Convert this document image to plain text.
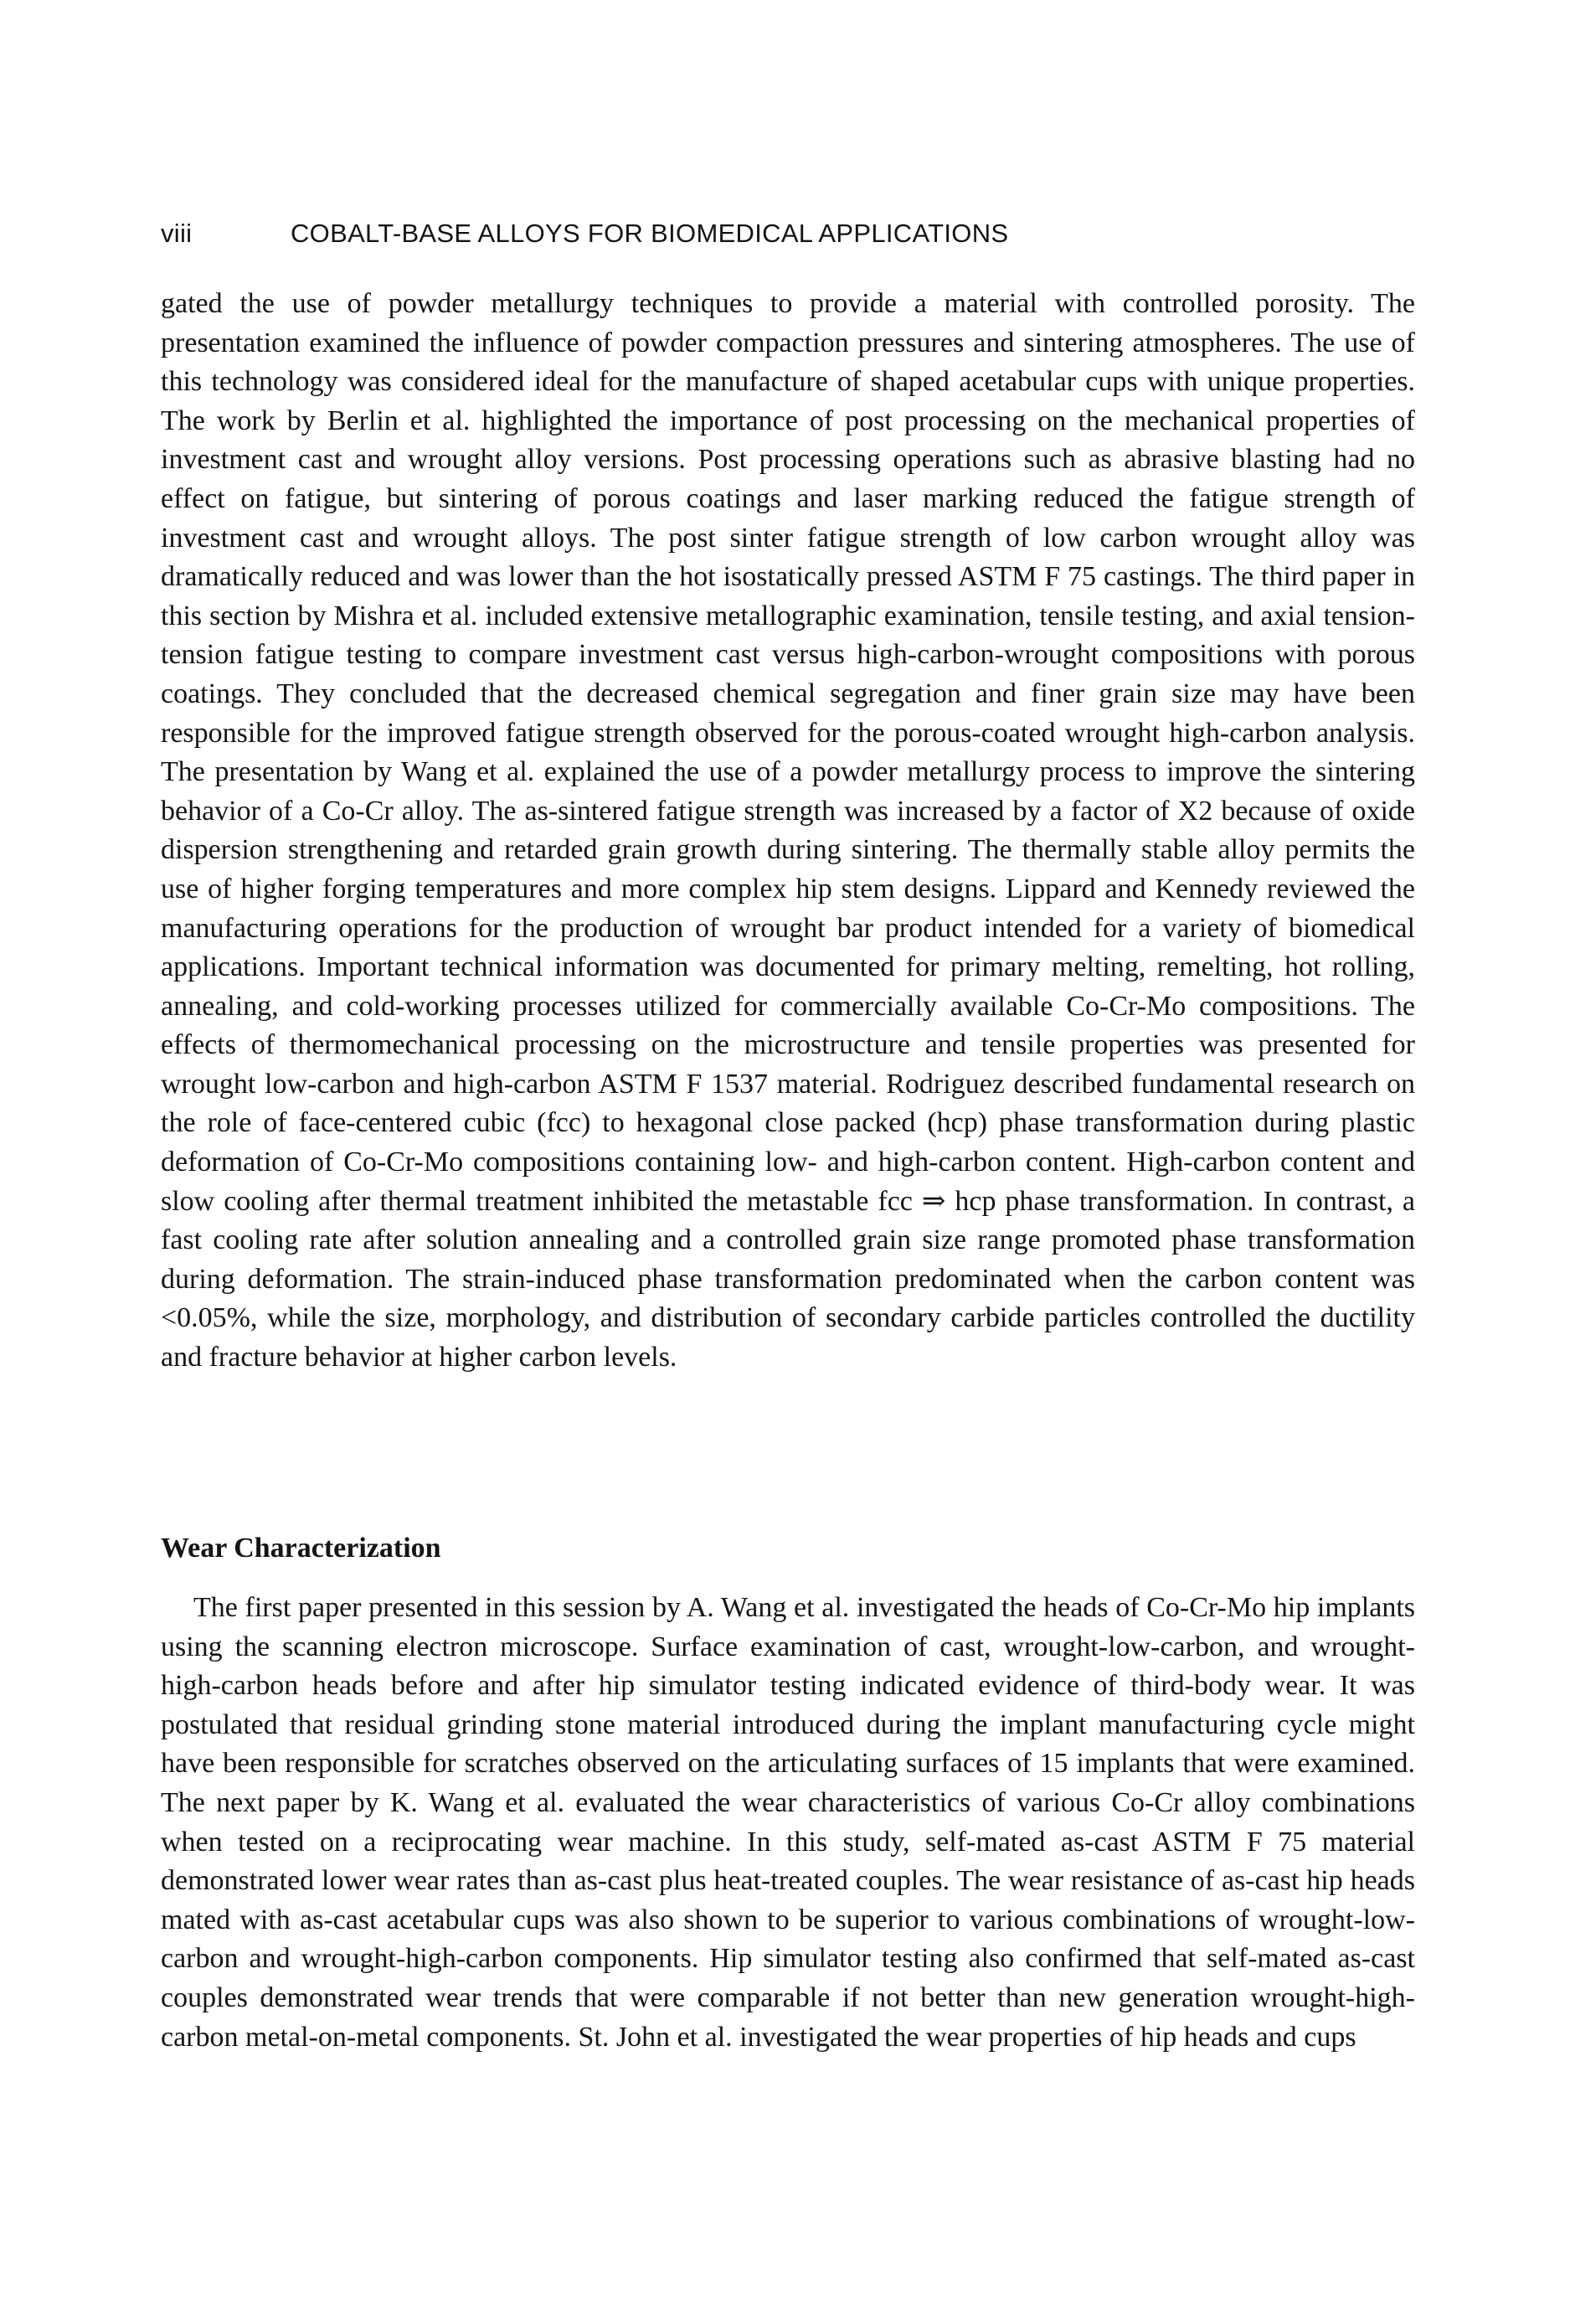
viii	COBALT-BASE ALLOYS FOR BIOMEDICAL APPLICATIONS

gated the use of powder metallurgy techniques to provide a material with controlled porosity. The presentation examined the influence of powder compaction pressures and sintering atmospheres. The use of this technology was considered ideal for the manufacture of shaped acetabular cups with unique properties. The work by Berlin et al. highlighted the importance of post processing on the mechanical properties of investment cast and wrought alloy versions. Post processing operations such as abrasive blasting had no effect on fatigue, but sintering of porous coatings and laser marking reduced the fatigue strength of investment cast and wrought alloys. The post sinter fatigue strength of low carbon wrought alloy was dramatically reduced and was lower than the hot isostatically pressed ASTM F 75 castings. The third paper in this section by Mishra et al. included extensive metallographic examination, tensile testing, and axial tension-tension fatigue testing to compare investment cast versus high-carbon-wrought compositions with porous coatings. They concluded that the decreased chemical segregation and finer grain size may have been responsible for the improved fatigue strength observed for the porous-coated wrought high-carbon analysis. The presentation by Wang et al. explained the use of a powder metallurgy process to improve the sintering behavior of a Co-Cr alloy. The as-sintered fatigue strength was increased by a factor of X2 because of oxide dispersion strengthening and retarded grain growth during sintering. The thermally stable alloy permits the use of higher forging temperatures and more complex hip stem designs. Lippard and Kennedy reviewed the manufacturing operations for the production of wrought bar product intended for a variety of biomedical applications. Important technical information was documented for primary melting, remelting, hot rolling, annealing, and cold-working processes utilized for commercially available Co-Cr-Mo compositions. The effects of thermomechanical processing on the microstructure and tensile properties was presented for wrought low-carbon and high-carbon ASTM F 1537 material. Rodriguez described fundamental research on the role of face-centered cubic (fcc) to hexagonal close packed (hcp) phase transformation during plastic deformation of Co-Cr-Mo compositions containing low- and high-carbon content. High-carbon content and slow cooling after thermal treatment inhibited the metastable fcc ⇒ hcp phase transformation. In contrast, a fast cooling rate after solution annealing and a controlled grain size range promoted phase transformation during deformation. The strain-induced phase transformation predominated when the carbon content was <0.05%, while the size, morphology, and distribution of secondary carbide particles controlled the ductility and fracture behavior at higher carbon levels.

Wear Characterization

The first paper presented in this session by A. Wang et al. investigated the heads of Co-Cr-Mo hip implants using the scanning electron microscope. Surface examination of cast, wrought-low-carbon, and wrought-high-carbon heads before and after hip simulator testing indicated evidence of third-body wear. It was postulated that residual grinding stone material introduced during the implant manufacturing cycle might have been responsible for scratches observed on the articulating surfaces of 15 implants that were examined. The next paper by K. Wang et al. evaluated the wear characteristics of various Co-Cr alloy combinations when tested on a reciprocating wear machine. In this study, self-mated as-cast ASTM F 75 material demonstrated lower wear rates than as-cast plus heat-treated couples. The wear resistance of as-cast hip heads mated with as-cast acetabular cups was also shown to be superior to various combinations of wrought-low-carbon and wrought-high-carbon components. Hip simulator testing also confirmed that self-mated as-cast couples demonstrated wear trends that were comparable if not better than new generation wrought-high-carbon metal-on-metal components. St. John et al. investigated the wear properties of hip heads and cups
